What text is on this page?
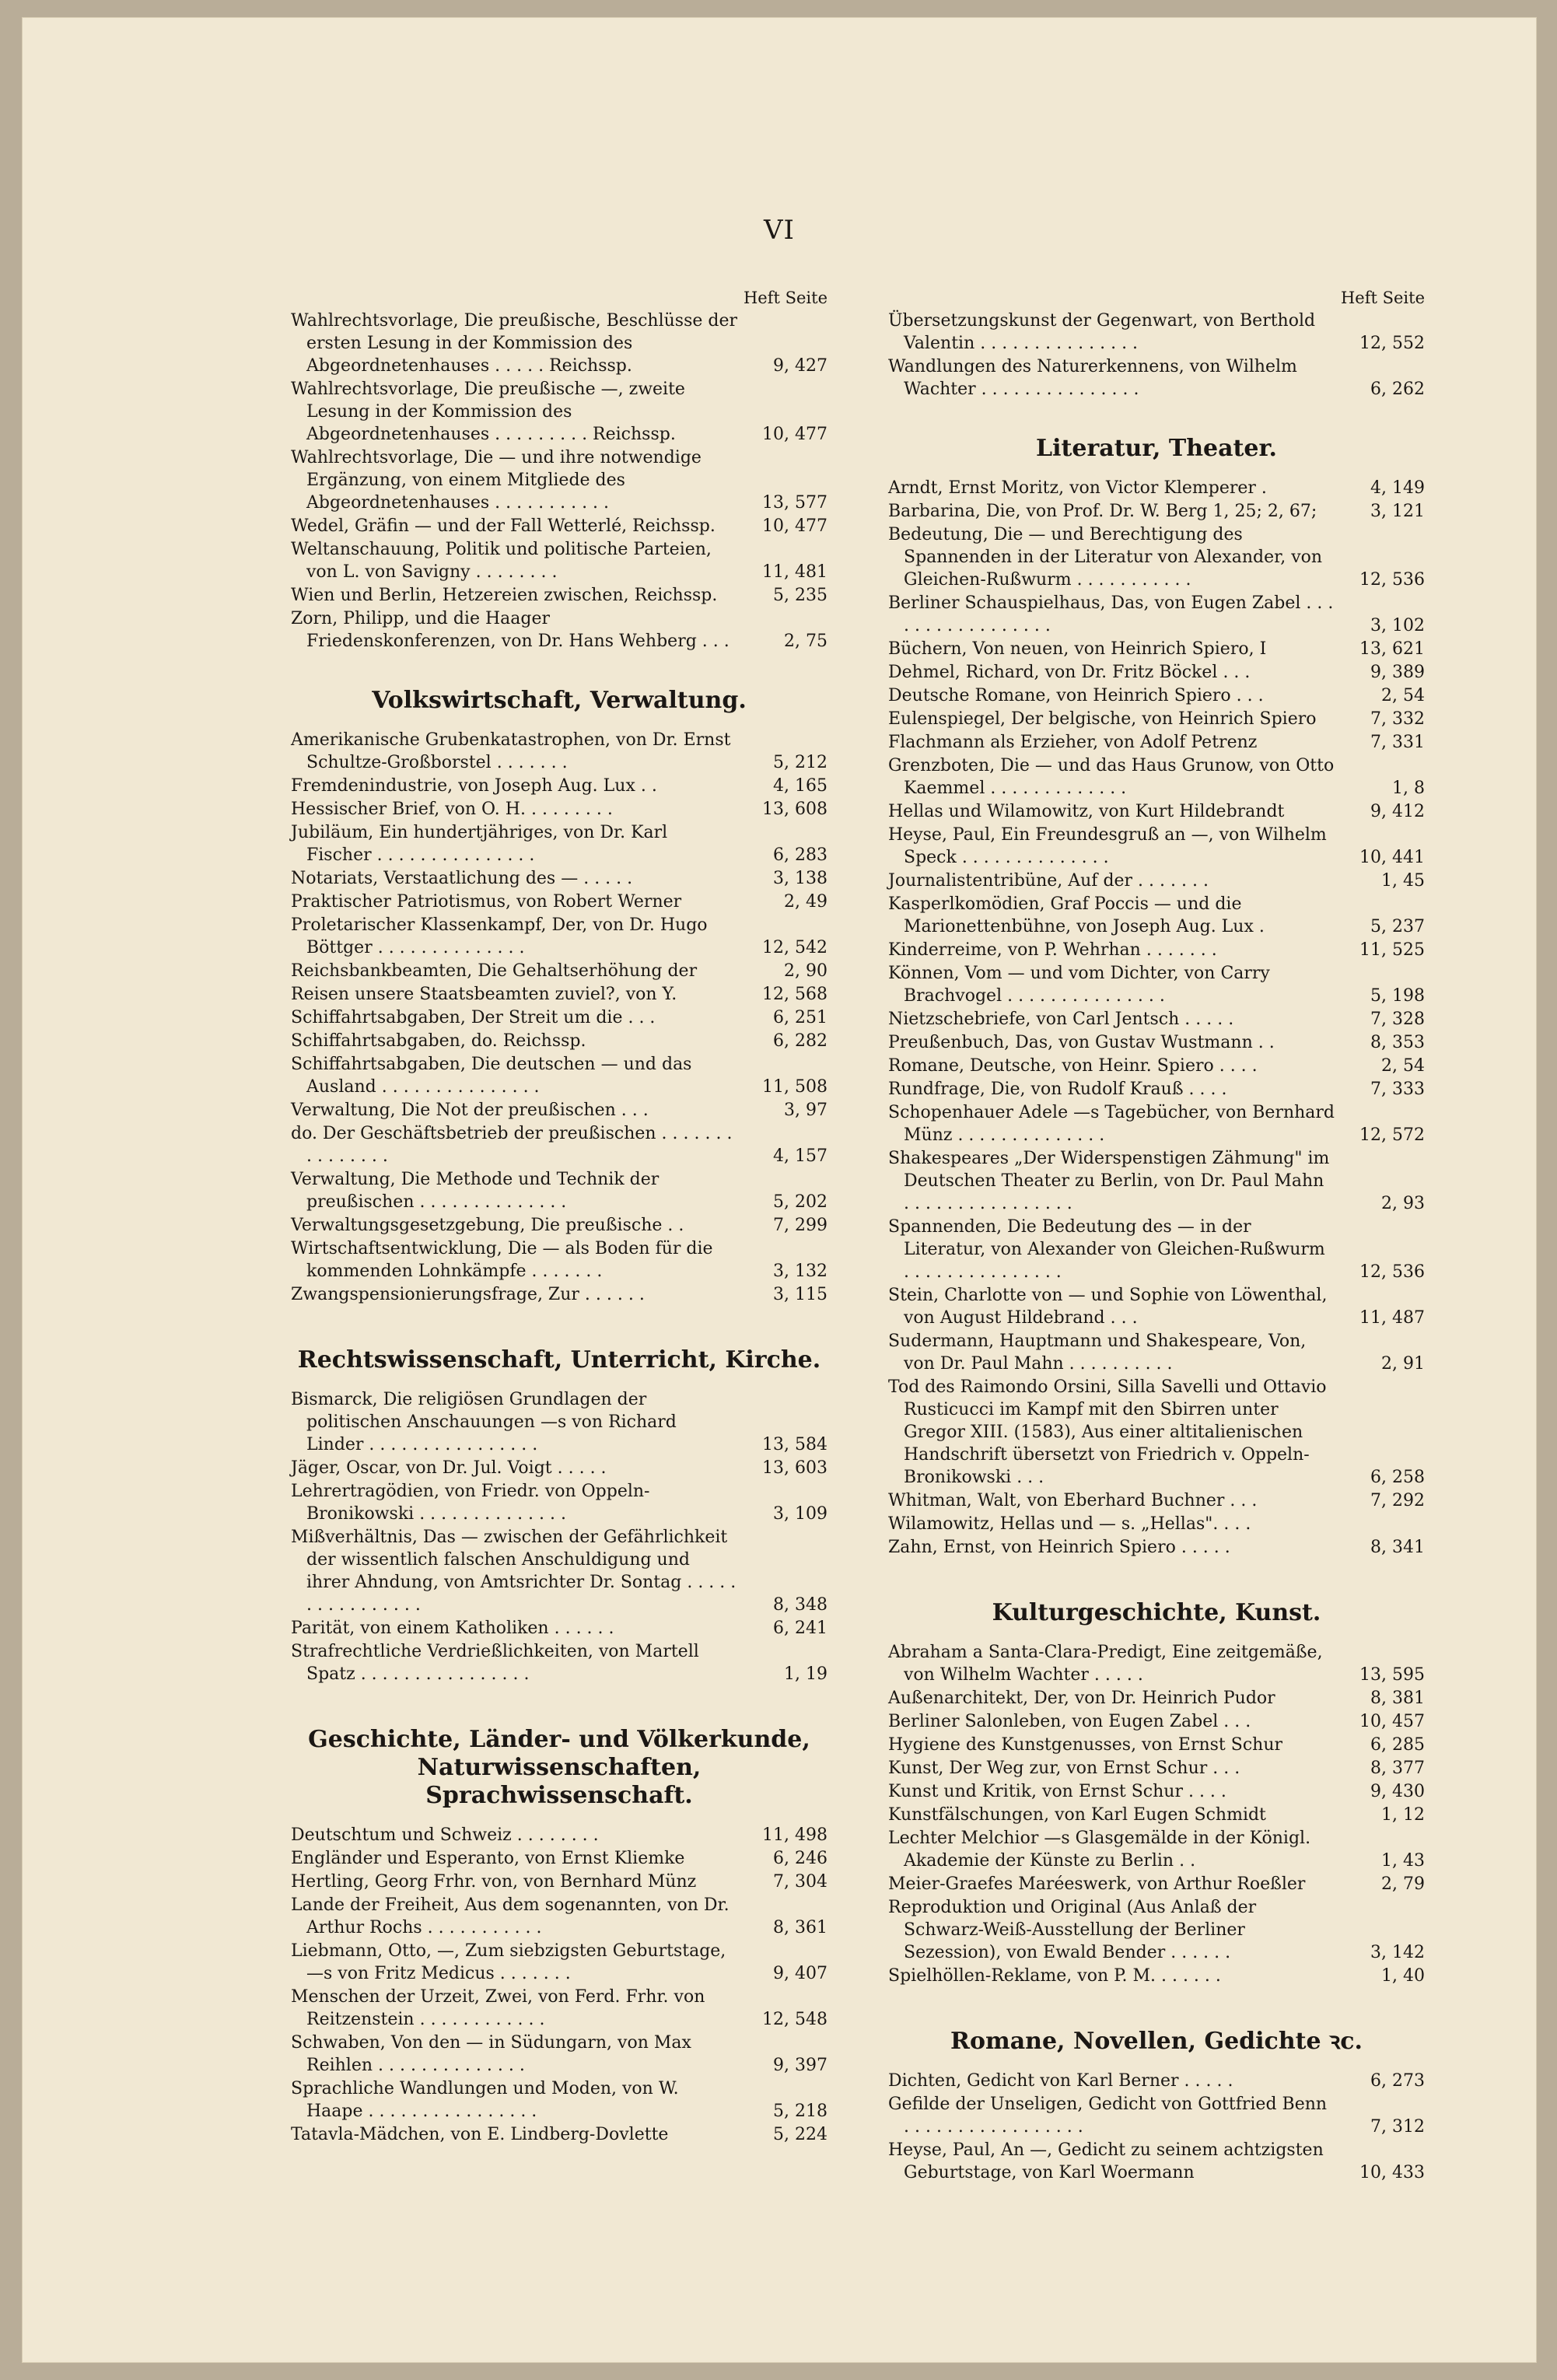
VI
Heft Seite
Wahlrechtsvorlage, Die preußische, Beschlüsse der ersten Lesung in der Kommission des Abgeordnetenhauses . . . . . Reichssp.	9, 427
Wahlrechtsvorlage, Die preußische —, zweite Lesung in der Kommission des Abgeordnetenhauses . . . . . . . . . Reichssp.	10, 477
Wahlrechtsvorlage, Die — und ihre notwendige Ergänzung, von einem Mitgliede des Abgeordnetenhauses . . . . . . . . . . .	13, 577
Wedel, Gräfin — und der Fall Wetterlé, Reichssp.	10, 477
Weltanschauung, Politik und politische Parteien, von L. von Savigny . . . . . . . .	11, 481
Wien und Berlin, Hetzereien zwischen, Reichssp.	5, 235
Zorn, Philipp, und die Haager Friedenskonferenzen, von Dr. Hans Wehberg . . .	2, 75
Volkswirtschaft, Verwaltung.
Amerikanische Grubenkatastrophen, von Dr. Ernst Schultze-Großborstel . . . . . . .	5, 212
Fremdenindustrie, von Joseph Aug. Lux . .	4, 165
Hessischer Brief, von O. H. . . . . . . . .	13, 608
Jubiläum, Ein hundertjähriges, von Dr. Karl Fischer . . . . . . . . . . . . . . .	6, 283
Notariats, Verstaatlichung des — . . . . .	3, 138
Praktischer Patriotismus, von Robert Werner	2, 49
Proletarischer Klassenkampf, Der, von Dr. Hugo Böttger . . . . . . . . . . . . . .	12, 542
Reichsbankbeamten, Die Gehaltserhöhung der	2, 90
Reisen unsere Staatsbeamten zuviel?, von Y.	12, 568
Schiffahrtsabgaben, Der Streit um die . . .	6, 251
Schiffahrtsabgaben, do. Reichssp.	6, 282
Schiffahrtsabgaben, Die deutschen — und das Ausland . . . . . . . . . . . . . . .	11, 508
Verwaltung, Die Not der preußischen . . .	3, 97
do. Der Geschäftsbetrieb der preußischen . . . . . . . . . . . . . . .	4, 157
Verwaltung, Die Methode und Technik der preußischen . . . . . . . . . . . . . .	5, 202
Verwaltungsgesetzgebung, Die preußische . .	7, 299
Wirtschaftsentwicklung, Die — als Boden für die kommenden Lohnkämpfe . . . . . . .	3, 132
Zwangspensionierungsfrage, Zur . . . . . .	3, 115
Rechtswissenschaft, Unterricht, Kirche.
Bismarck, Die religiösen Grundlagen der politischen Anschauungen —s von Richard Linder . . . . . . . . . . . . . . . .	13, 584
Jäger, Oscar, von Dr. Jul. Voigt . . . . .	13, 603
Lehrertragödien, von Friedr. von Oppeln-Bronikowski . . . . . . . . . . . . . .	3, 109
Mißverhältnis, Das — zwischen der Gefährlichkeit der wissentlich falschen Anschuldigung und ihrer Ahndung, von Amtsrichter Dr. Sontag . . . . . . . . . . . . . . . .	8, 348
Parität, von einem Katholiken . . . . . .	6, 241
Strafrechtliche Verdrießlichkeiten, von Martell Spatz . . . . . . . . . . . . . . . .	1, 19
Geschichte, Länder- und Völkerkunde, Naturwissenschaften, Sprachwissenschaft.
Deutschtum und Schweiz . . . . . . . .	11, 498
Engländer und Esperanto, von Ernst Kliemke	6, 246
Hertling, Georg Frhr. von, von Bernhard Münz	7, 304
Lande der Freiheit, Aus dem sogenannten, von Dr. Arthur Rochs . . . . . . . . . . .	8, 361
Liebmann, Otto, —, Zum siebzigsten Geburtstage, —s von Fritz Medicus . . . . . . .	9, 407
Menschen der Urzeit, Zwei, von Ferd. Frhr. von Reitzenstein . . . . . . . . . . . .	12, 548
Schwaben, Von den — in Südungarn, von Max Reihlen . . . . . . . . . . . . . .	9, 397
Sprachliche Wandlungen und Moden, von W. Haape . . . . . . . . . . . . . . . .	5, 218
Tatavla-Mädchen, von E. Lindberg-Dovlette	5, 224
Heft Seite
Übersetzungskunst der Gegenwart, von Berthold Valentin . . . . . . . . . . . . . . .	12, 552
Wandlungen des Naturerkennens, von Wilhelm Wachter . . . . . . . . . . . . . . .	6, 262
Literatur, Theater.
Arndt, Ernst Moritz, von Victor Klemperer .	4, 149
Barbarina, Die, von Prof. Dr. W. Berg 1, 25; 2, 67;	3, 121
Bedeutung, Die — und Berechtigung des Spannenden in der Literatur von Alexander, von Gleichen-Rußwurm . . . . . . . . . . .	12, 536
Berliner Schauspielhaus, Das, von Eugen Zabel . . . . . . . . . . . . . . . . .	3, 102
Büchern, Von neuen, von Heinrich Spiero, I	13, 621
Dehmel, Richard, von Dr. Fritz Böckel . . .	9, 389
Deutsche Romane, von Heinrich Spiero . . .	2, 54
Eulenspiegel, Der belgische, von Heinrich Spiero	7, 332
Flachmann als Erzieher, von Adolf Petrenz	7, 331
Grenzboten, Die — und das Haus Grunow, von Otto Kaemmel . . . . . . . . . . . . .	1, 8
Hellas und Wilamowitz, von Kurt Hildebrandt	9, 412
Heyse, Paul, Ein Freundesgruß an —, von Wilhelm Speck . . . . . . . . . . . . . .	10, 441
Journalistentribüne, Auf der . . . . . . .	1, 45
Kasperlkomödien, Graf Poccis — und die Marionettenbühne, von Joseph Aug. Lux .	5, 237
Kinderreime, von P. Wehrhan . . . . . . .	11, 525
Können, Vom — und vom Dichter, von Carry Brachvogel . . . . . . . . . . . . . . .	5, 198
Nietzschebriefe, von Carl Jentsch . . . . .	7, 328
Preußenbuch, Das, von Gustav Wustmann . .	8, 353
Romane, Deutsche, von Heinr. Spiero . . . .	2, 54
Rundfrage, Die, von Rudolf Krauß . . . .	7, 333
Schopenhauer Adele —s Tagebücher, von Bernhard Münz . . . . . . . . . . . . . .	12, 572
Shakespeares „Der Widerspenstigen Zähmung" im Deutschen Theater zu Berlin, von Dr. Paul Mahn . . . . . . . . . . . . . . . .	2, 93
Spannenden, Die Bedeutung des — in der Literatur, von Alexander von Gleichen-Rußwurm . . . . . . . . . . . . . . .	12, 536
Stein, Charlotte von — und Sophie von Löwenthal, von August Hildebrand . . .	11, 487
Sudermann, Hauptmann und Shakespeare, Von, von Dr. Paul Mahn . . . . . . . . . .	2, 91
Tod des Raimondo Orsini, Silla Savelli und Ottavio Rusticucci im Kampf mit den Sbirren unter Gregor XIII. (1583), Aus einer altitalienischen Handschrift übersetzt von Friedrich v. Oppeln-Bronikowski . . .	6, 258
Whitman, Walt, von Eberhard Buchner . . .	7, 292
Wilamowitz, Hellas und — s. „Hellas". . . .
Zahn, Ernst, von Heinrich Spiero . . . . .	8, 341
Kulturgeschichte, Kunst.
Abraham a Santa-Clara-Predigt, Eine zeitgemäße, von Wilhelm Wachter . . . . .	13, 595
Außenarchitekt, Der, von Dr. Heinrich Pudor	8, 381
Berliner Salonleben, von Eugen Zabel . . .	10, 457
Hygiene des Kunstgenusses, von Ernst Schur	6, 285
Kunst, Der Weg zur, von Ernst Schur . . .	8, 377
Kunst und Kritik, von Ernst Schur . . . .	9, 430
Kunstfälschungen, von Karl Eugen Schmidt	1, 12
Lechter Melchior —s Glasgemälde in der Königl. Akademie der Künste zu Berlin . .	1, 43
Meier-Graefes Maréeswerk, von Arthur Roeßler	2, 79
Reproduktion und Original (Aus Anlaß der Schwarz-Weiß-Ausstellung der Berliner Sezession), von Ewald Bender . . . . . .	3, 142
Spielhöllen-Reklame, von P. M. . . . . . .	1, 40
Romane, Novellen, Gedichte ꝛc.
Dichten, Gedicht von Karl Berner . . . . .	6, 273
Gefilde der Unseligen, Gedicht von Gottfried Benn . . . . . . . . . . . . . . . . .	7, 312
Heyse, Paul, An —, Gedicht zu seinem achtzigsten Geburtstage, von Karl Woermann	10, 433
